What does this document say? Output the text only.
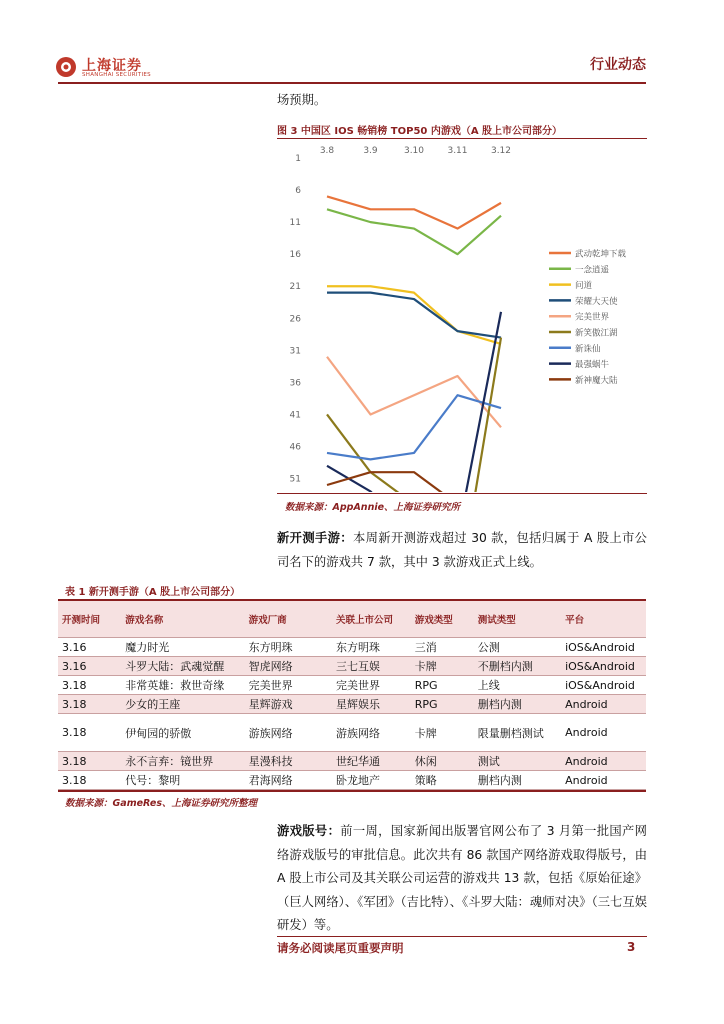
上海证券
SHANGHAI SECURITIES
行业动态
场预期。
图 3 中国区 IOS 畅销榜 TOP50 内游戏（A 股上市公司部分）
3.8	3.9	3.10	3.11	3.12
1
6
11
16
21
26
31
36
41
46
51
武动乾坤下载
一念逍遥
问道
荣耀大天使
完美世界
新笑傲江湖
新诛仙
最强蜗牛
新神魔大陆
数据来源：AppAnnie、上海证券研究所
新开测手游：本周新开测游戏超过 30 款，包括归属于 A 股上市公司名下的游戏共 7 款，其中 3 款游戏正式上线。
表 1 新开测手游（A 股上市公司部分）
开测时间	游戏名称	游戏厂商	关联上市公司	游戏类型	测试类型	平台
3.16	魔力时光	东方明珠	东方明珠	三消	公测	iOS&Android
3.16	斗罗大陆：武魂觉醒	智虎网络	三七互娱	卡牌	不删档内测	iOS&Android
3.18	非常英雄：救世奇缘	完美世界	完美世界	RPG	上线	iOS&Android
3.18	少女的王座	星辉游戏	星辉娱乐	RPG	删档内测	Android
3.18	伊甸园的骄傲	游族网络	游族网络	卡牌	限量删档测试	Android
3.18	永不言弃：镜世界	星漫科技	世纪华通	休闲	测试	Android
3.18	代号：黎明	君海网络	卧龙地产	策略	删档内测	Android
数据来源：GameRes、上海证券研究所整理
游戏版号：前一周，国家新闻出版署官网公布了 3 月第一批国产网络游戏版号的审批信息。此次共有 86 款国产网络游戏取得版号，由 A 股上市公司及其关联公司运营的游戏共 13 款，包括《原始征途》（巨人网络）、《军团》（吉比特）、《斗罗大陆：魂师对决》（三七互娱研发）等。
请务必阅读尾页重要声明	3
